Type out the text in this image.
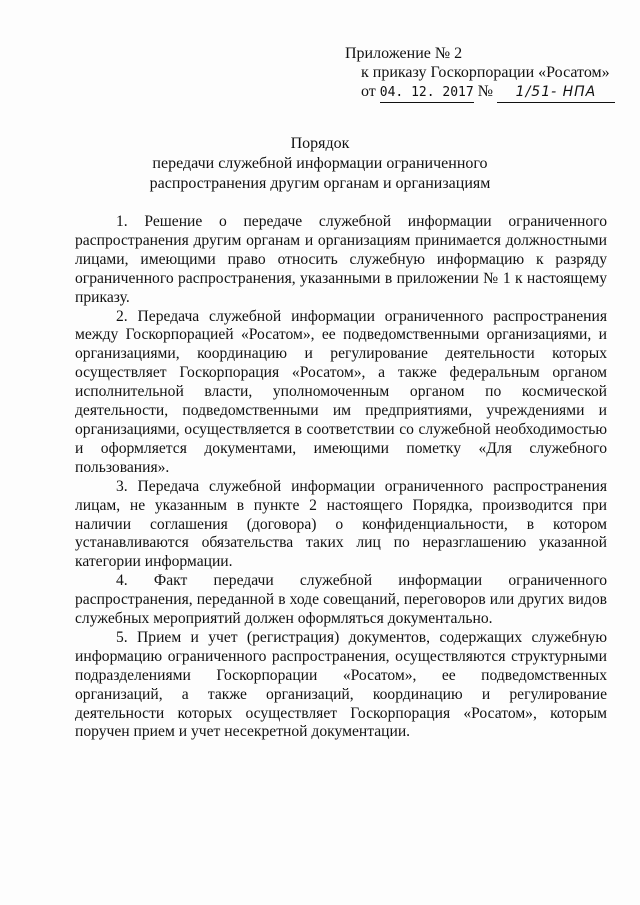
Приложение № 2
к приказу Госкорпорации «Росатом»
от 04. 12. 2017 № 1/51- НПА
Порядок
передачи служебной информации ограниченного
распространения другим органам и организациям

1. Решение о передаче служебной информации ограниченного распространения другим органам и организациям принимается должностными лицами, имеющими право относить служебную информацию к разряду ограниченного распространения, указанными в приложении № 1 к настоящему приказу.

2. Передача служебной информации ограниченного распространения между Госкорпорацией «Росатом», ее подведомственными организациями, и организациями, координацию и регулирование деятельности которых осуществляет Госкорпорация «Росатом», а также федеральным органом исполнительной власти, уполномоченным органом по космической деятельности, подведомственными им предприятиями, учреждениями и организациями, осуществляется в соответствии со служебной необходимостью и оформляется документами, имеющими пометку «Для служебного пользования».

3. Передача служебной информации ограниченного распространения лицам, не указанным в пункте 2 настоящего Порядка, производится при наличии соглашения (договора) о конфиденциальности, в котором устанавливаются обязательства таких лиц по неразглашению указанной категории информации.

4. Факт передачи служебной информации ограниченного распространения, переданной в ходе совещаний, переговоров или других видов служебных мероприятий должен оформляться документально.

5. Прием и учет (регистрация) документов, содержащих служебную информацию ограниченного распространения, осуществляются структурными подразделениями Госкорпорации «Росатом», ее подведомственных организаций, а также организаций, координацию и регулирование деятельности которых осуществляет Госкорпорация «Росатом», которым поручен прием и учет несекретной документации.
